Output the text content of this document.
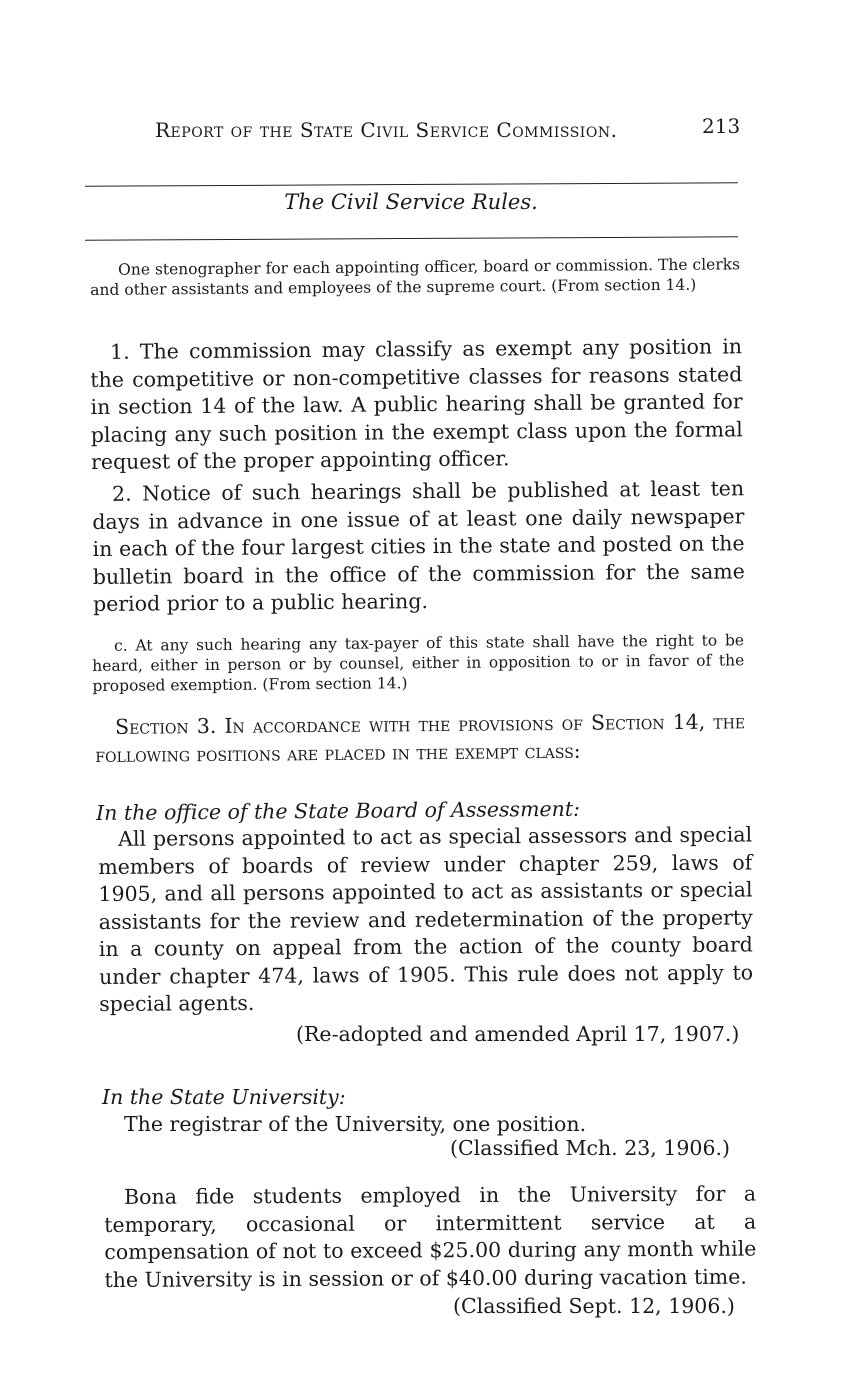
Report of the State Civil Service Commission.	213
The Civil Service Rules.

One stenographer for each appointing officer, board or commission. The clerks and other assistants and employees of the supreme court. (From section 14.)

1. The commission may classify as exempt any position in the competitive or non-competitive classes for reasons stated in section 14 of the law. A public hearing shall be granted for placing any such position in the exempt class upon the formal request of the proper appointing officer.

2. Notice of such hearings shall be published at least ten days in advance in one issue of at least one daily newspaper in each of the four largest cities in the state and posted on the bulletin board in the office of the commission for the same period prior to a public hearing.

c. At any such hearing any tax-payer of this state shall have the right to be heard, either in person or by counsel, either in opposition to or in favor of the proposed exemption. (From section 14.)

Section 3. In accordance with the provisions of Section 14, the following positions are placed in the exempt class:

In the office of the State Board of Assessment:

All persons appointed to act as special assessors and special members of boards of review under chapter 259, laws of 1905, and all persons appointed to act as assistants or special assistants for the review and redetermination of the property in a county on appeal from the action of the county board under chapter 474, laws of 1905. This rule does not apply to special agents.

(Re-adopted and amended April 17, 1907.)

In the State University:

The registrar of the University, one position.

(Classified Mch. 23, 1906.)

Bona fide students employed in the University for a temporary, occasional or intermittent service at a compensation of not to exceed $25.00 during any month while the University is in session or of $40.00 during vacation time.

(Classified Sept. 12, 1906.)
